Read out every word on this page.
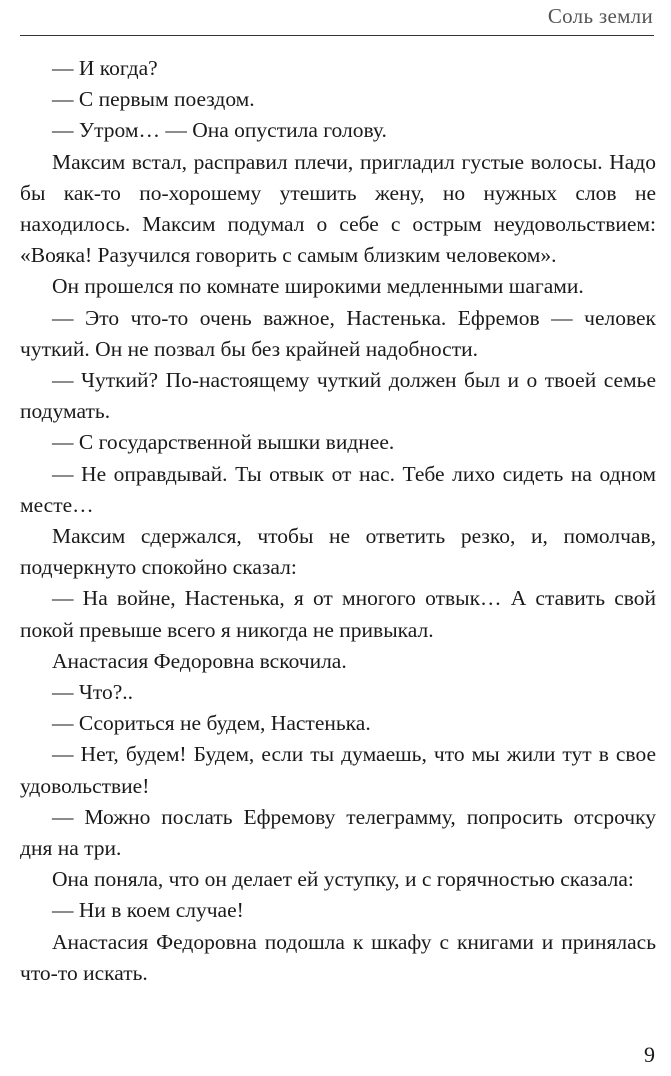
Соль земли

— И когда?

— С первым поездом.

— Утром… — Она опустила голову.

Максим встал, расправил плечи, пригладил густые волосы. Надо бы как-то по-хорошему утешить жену, но нужных слов не находилось. Максим подумал о себе с острым неудовольствием: «Вояка! Разучился говорить с самым близким человеком».

Он прошелся по комнате широкими медленными шагами.

— Это что-то очень важное, Настенька. Ефремов — человек чуткий. Он не позвал бы без крайней надобности.

— Чуткий? По-настоящему чуткий должен был и о твоей семье подумать.

— С государственной вышки виднее.

— Не оправдывай. Ты отвык от нас. Тебе лихо сидеть на одном месте…

Максим сдержался, чтобы не ответить резко, и, помолчав, подчеркнуто спокойно сказал:

— На войне, Настенька, я от многого отвык… А ставить свой покой превыше всего я никогда не привыкал.

Анастасия Федоровна вскочила.

— Что?..

— Ссориться не будем, Настенька.

— Нет, будем! Будем, если ты думаешь, что мы жили тут в свое удовольствие!

— Можно послать Ефремову телеграмму, попросить отсрочку дня на три.

Она поняла, что он делает ей уступку, и с горячностью сказала:

— Ни в коем случае!

Анастасия Федоровна подошла к шкафу с книгами и принялась что-то искать.

9
